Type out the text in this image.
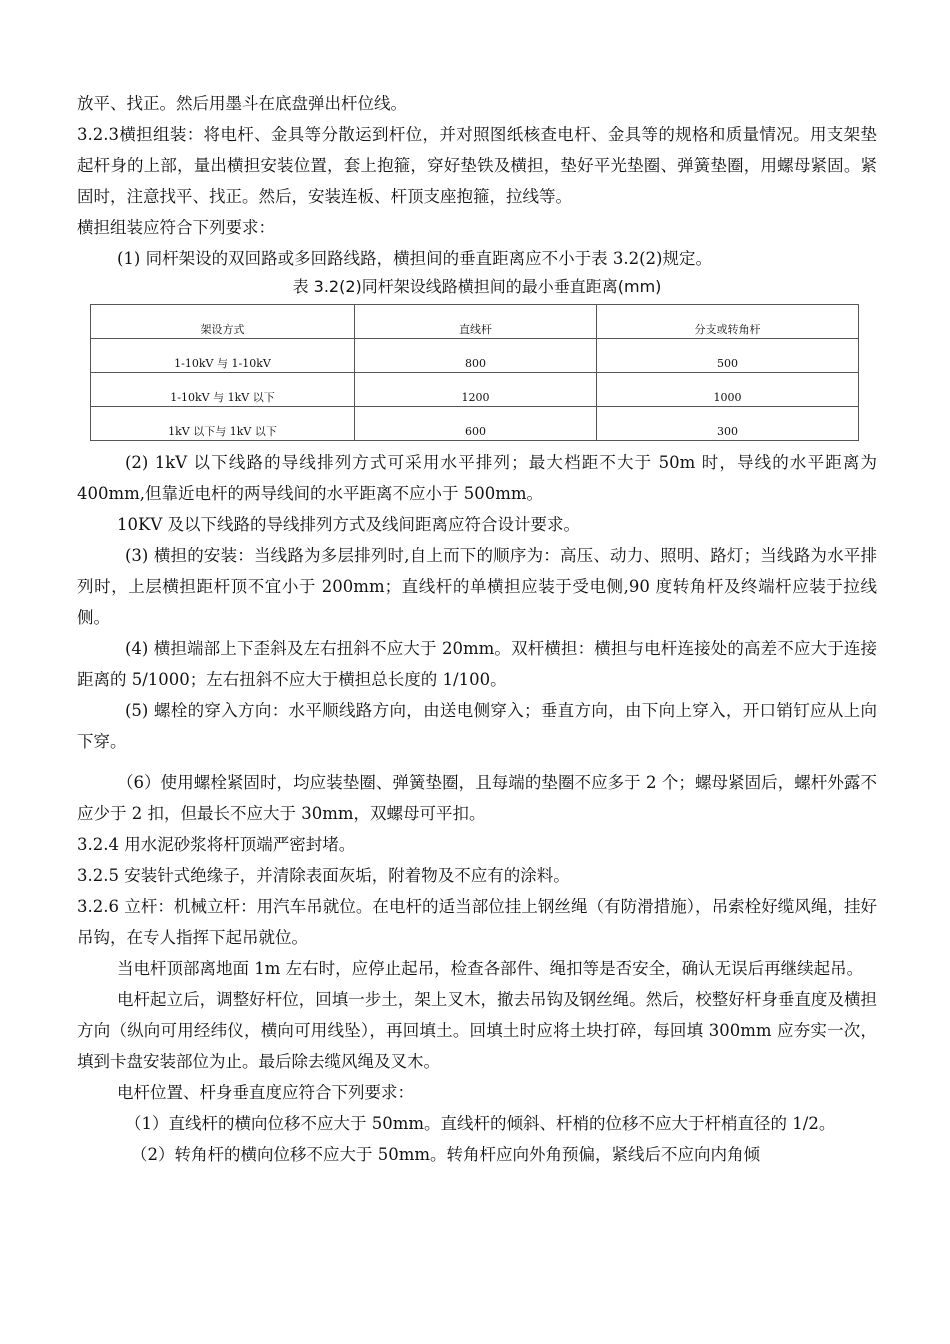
放平、找正。然后用墨斗在底盘弹出杆位线。

3.2.3横担组装：将电杆、金具等分散运到杆位，并对照图纸核查电杆、金具等的规格和质量情况。用支架垫起杆身的上部，量出横担安装位置，套上抱箍，穿好垫铁及横担，垫好平光垫圈、弹簧垫圈，用螺母紧固。紧固时，注意找平、找正。然后，安装连板、杆顶支座抱箍，拉线等。

横担组装应符合下列要求：

(1) 同杆架设的双回路或多回路线路，横担间的垂直距离应不小于表 3.2(2)规定。

表 3.2(2)同杆架设线路横担间的最小垂直距离(mm)
架设方式	直线杆	分支或转角杆
1-10kV 与 1-10kV	800	500
1-10kV 与 1kV 以下	1200	1000
1kV 以下与 1kV 以下	600	300

(2) 1kV 以下线路的导线排列方式可采用水平排列；最大档距不大于 50m 时，导线的水平距离为 400mm,但靠近电杆的两导线间的水平距离不应小于 500mm。

10KV 及以下线路的导线排列方式及线间距离应符合设计要求。

(3) 横担的安装：当线路为多层排列时,自上而下的顺序为：高压、动力、照明、路灯；当线路为水平排列时，上层横担距杆顶不宜小于 200mm；直线杆的单横担应装于受电侧,90 度转角杆及终端杆应装于拉线侧。

(4) 横担端部上下歪斜及左右扭斜不应大于 20mm。双杆横担：横担与电杆连接处的高差不应大于连接距离的 5/1000；左右扭斜不应大于横担总长度的 1/100。

(5) 螺栓的穿入方向：水平顺线路方向，由送电侧穿入；垂直方向，由下向上穿入，开口销钉应从上向下穿。

（6）使用螺栓紧固时，均应装垫圈、弹簧垫圈，且每端的垫圈不应多于 2 个；螺母紧固后，螺杆外露不应少于 2 扣，但最长不应大于 30mm，双螺母可平扣。

3.2.4 用水泥砂浆将杆顶端严密封堵。

3.2.5 安装针式绝缘子，并清除表面灰垢，附着物及不应有的涂料。

3.2.6 立杆：机械立杆：用汽车吊就位。在电杆的适当部位挂上钢丝绳（有防滑措施），吊索栓好缆风绳，挂好吊钩，在专人指挥下起吊就位。

当电杆顶部离地面 1m 左右时，应停止起吊，检查各部件、绳扣等是否安全，确认无误后再继续起吊。

电杆起立后，调整好杆位，回填一步土，架上叉木，撤去吊钩及钢丝绳。然后，校整好杆身垂直度及横担方向（纵向可用经纬仪，横向可用线坠），再回填土。回填土时应将土块打碎，每回填 300mm 应夯实一次，填到卡盘安装部位为止。最后除去缆风绳及叉木。

电杆位置、杆身垂直度应符合下列要求：

（1）直线杆的横向位移不应大于 50mm。直线杆的倾斜、杆梢的位移不应大于杆梢直径的 1/2。

（2）转角杆的横向位移不应大于 50mm。转角杆应向外角预偏，紧线后不应向内角倾
